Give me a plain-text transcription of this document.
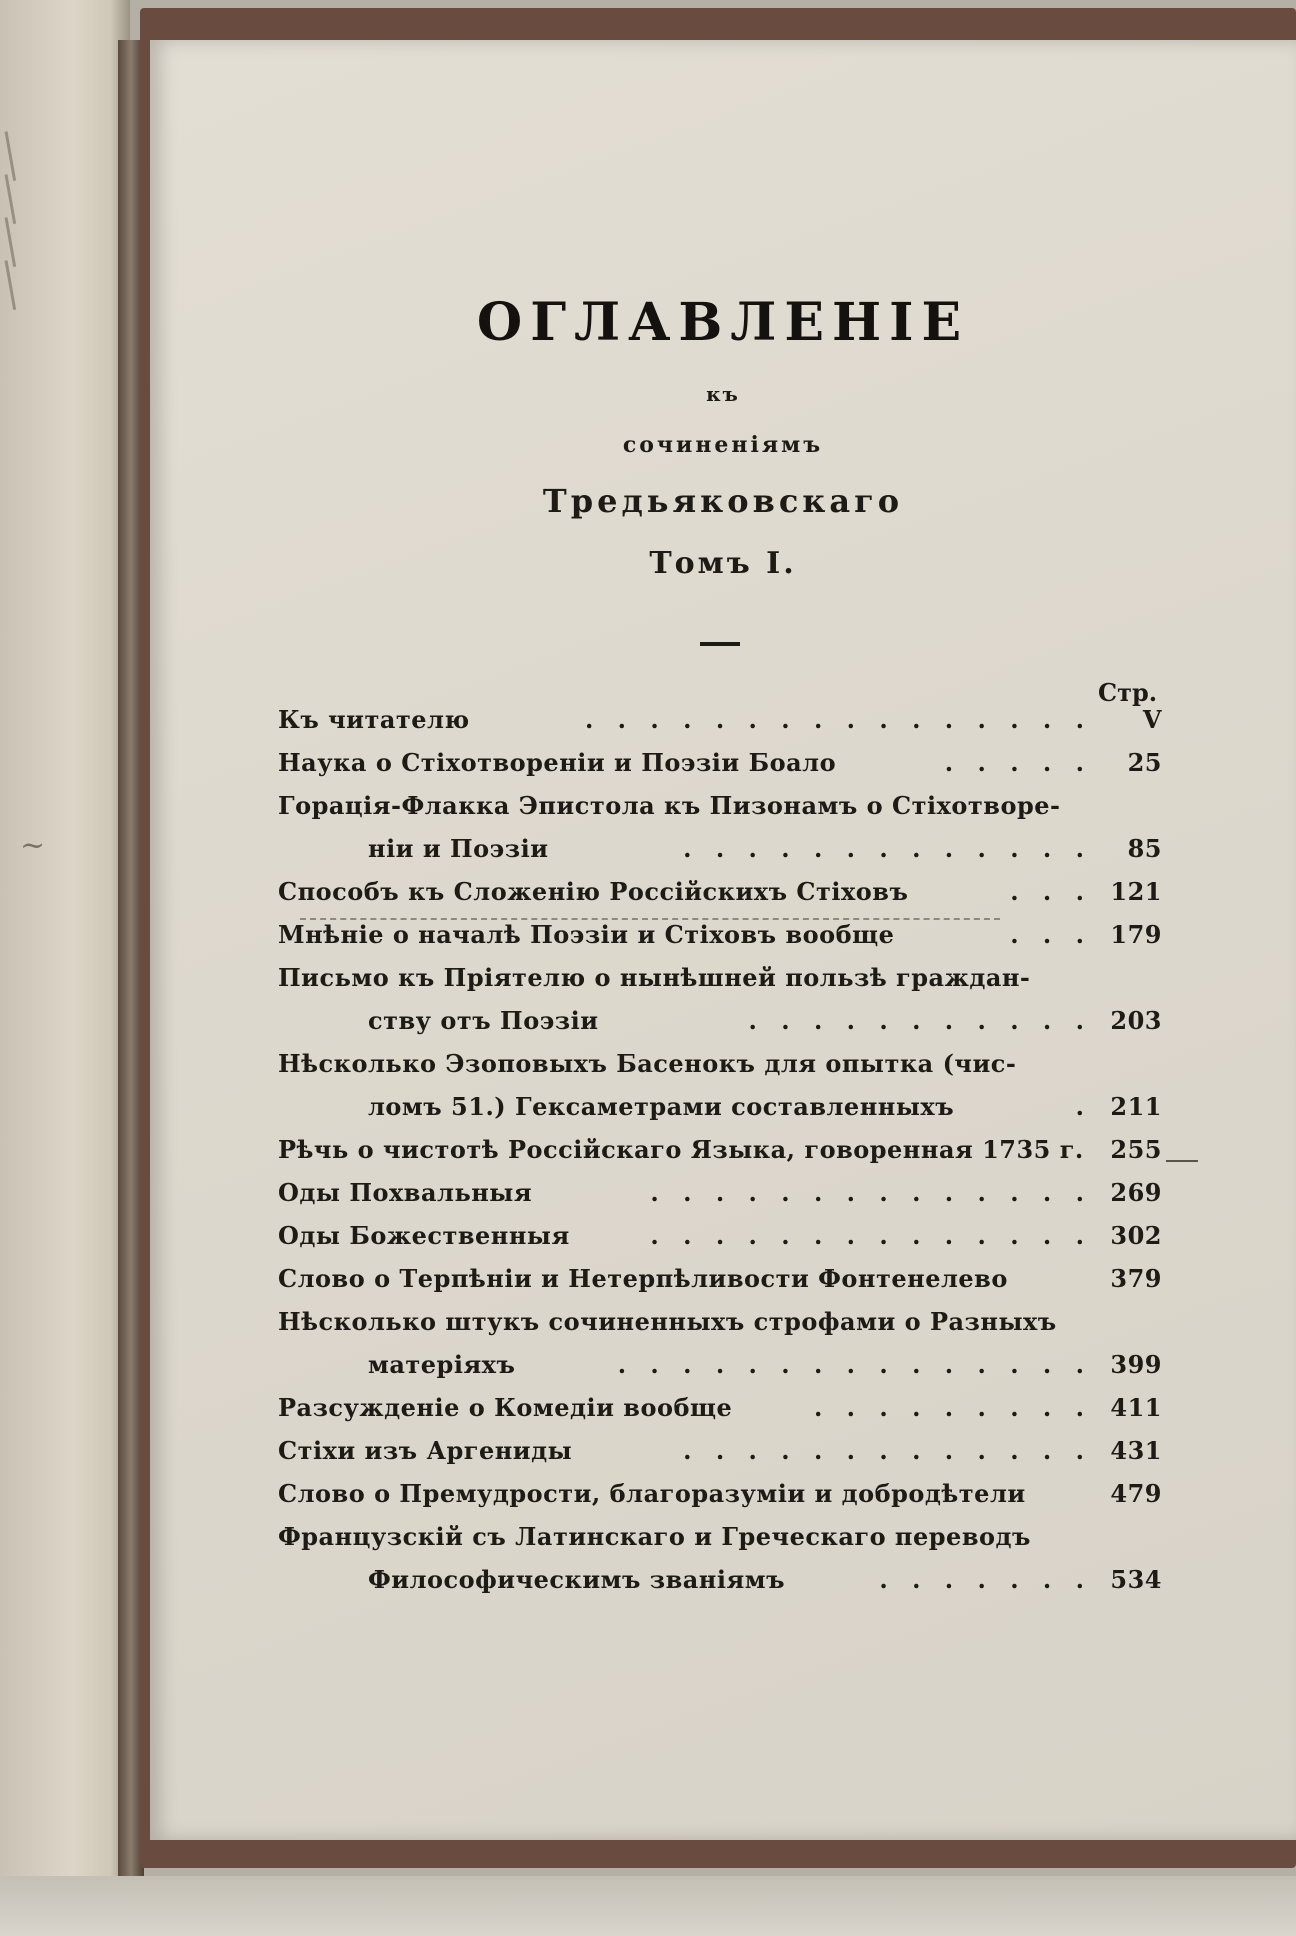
ОГЛАВЛЕНІЕ
къ
сочиненіямъ
Тредьяковскаго
Томъ I.
Стр.
Къ читателю	. . . . . . . . . . . . . . . .	V
Наука о Стіхотвореніи и Поэзіи Боало	. . . . .	25
Горація-Флакка Эпистола къ Пизонамъ о Стіхотворе-
ніи и Поэзіи	. . . . . . . . . . . . .	85
Способъ къ Сложенію Россійскихъ Стіховъ	. . . 121
Мнѣніе о началѣ Поэзіи и Стіховъ вообще	. . . 179
Письмо къ Пріятелю о нынѣшней пользѣ граждан-
ству отъ Поэзіи	. . . . . . . . . . . 203
Нѣсколько Эзоповыхъ Басенокъ для опытка (чис-
ломъ 51.) Гексаметрами составленныхъ	. 211
Рѣчь о чистотѣ Россійскаго Языка, говоренная 1735 г.	255
Оды Похвальныя	. . . . . . . . . . . . . . 269
Оды Божественныя	. . . . . . . . . . . . . . 302
Слово о Терпѣніи и Нетерпѣливости Фонтенелево	379
Нѣсколько штукъ сочиненныхъ строфами о Разныхъ
матеріяхъ	. . . . . . . . . . . . . . . 399
Разсужденіе о Комедіи вообще	. . . . . . . . . 411
Стіхи изъ Аргениды	. . . . . . . . . . . . . 431
Слово о Премудрости, благоразуміи и добродѣтели	479
Французскій съ Латинскаго и Греческаго переводъ
Философическимъ званіямъ	. . . . . . . 534
~
